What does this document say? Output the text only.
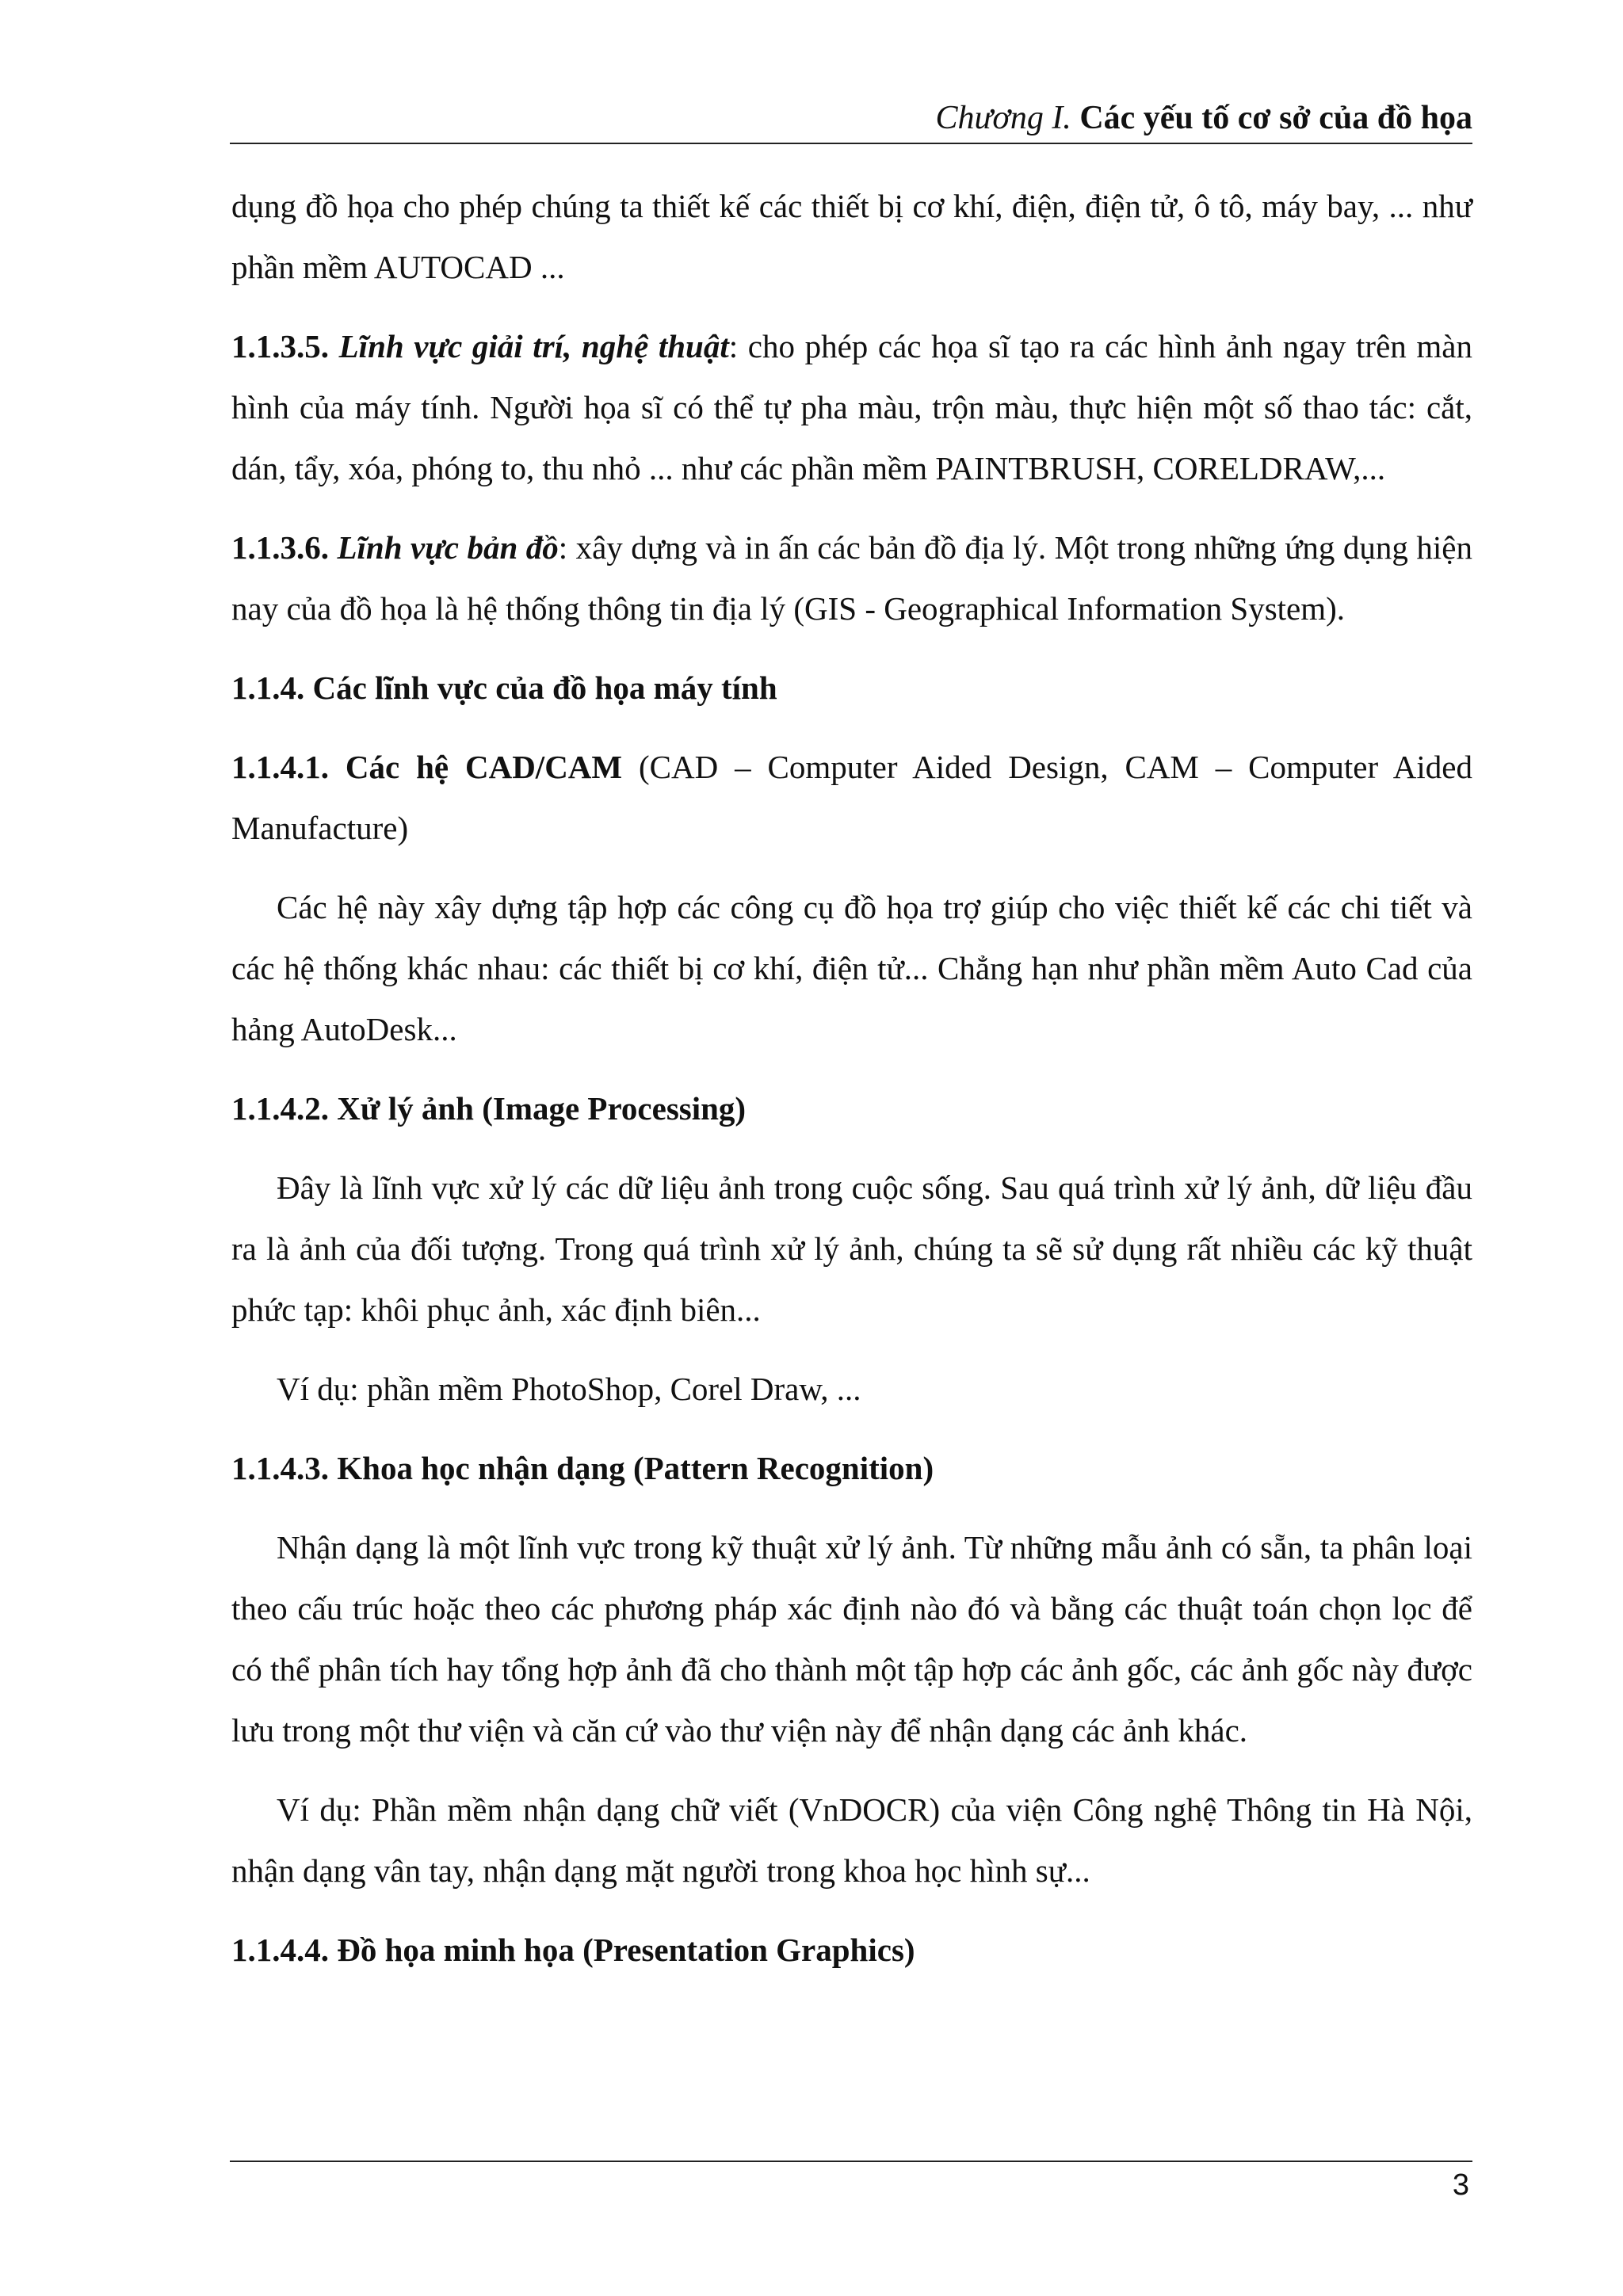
Chương I. Các yếu tố cơ sở của đồ họa

dụng đồ họa cho phép chúng ta thiết kế các thiết bị cơ khí, điện, điện tử, ô tô, máy bay, ... như phần mềm AUTOCAD ...

1.1.3.5. Lĩnh vực giải trí, nghệ thuật: cho phép các họa sĩ tạo ra các hình ảnh ngay trên màn hình của máy tính. Người họa sĩ có thể tự pha màu, trộn màu, thực hiện một số thao tác: cắt, dán, tẩy, xóa, phóng to, thu nhỏ ... như các phần mềm PAINTBRUSH, CORELDRAW,...

1.1.3.6. Lĩnh vực bản đồ: xây dựng và in ấn các bản đồ địa lý. Một trong những ứng dụng hiện nay của đồ họa là hệ thống thông tin địa lý (GIS - Geographical Information System).

1.1.4. Các lĩnh vực của đồ họa máy tính

1.1.4.1. Các hệ CAD/CAM (CAD – Computer Aided Design, CAM – Computer Aided Manufacture)

Các hệ này xây dựng tập hợp các công cụ đồ họa trợ giúp cho việc thiết kế các chi tiết và các hệ thống khác nhau: các thiết bị cơ khí, điện tử... Chẳng hạn như phần mềm Auto Cad của hảng AutoDesk...

1.1.4.2. Xử lý ảnh (Image Processing)

Đây là lĩnh vực xử lý các dữ liệu ảnh trong cuộc sống. Sau quá trình xử lý ảnh, dữ liệu đầu ra là ảnh của đối tượng. Trong quá trình xử lý ảnh, chúng ta sẽ sử dụng rất nhiều các kỹ thuật phức tạp: khôi phục ảnh, xác định biên...

Ví dụ: phần mềm PhotoShop, Corel Draw, ...

1.1.4.3. Khoa học nhận dạng (Pattern Recognition)

Nhận dạng là một lĩnh vực trong kỹ thuật xử lý ảnh. Từ những mẫu ảnh có sẵn, ta phân loại theo cấu trúc hoặc theo các phương pháp xác định nào đó và bằng các thuật toán chọn lọc để có thể phân tích hay tổng hợp ảnh đã cho thành một tập hợp các ảnh gốc, các ảnh gốc này được lưu trong một thư viện và căn cứ vào thư viện này để nhận dạng các ảnh khác.

Ví dụ: Phần mềm nhận dạng chữ viết (VnDOCR) của viện Công nghệ Thông tin Hà Nội, nhận dạng vân tay, nhận dạng mặt người trong khoa học hình sự...

1.1.4.4. Đồ họa minh họa (Presentation Graphics)

3
